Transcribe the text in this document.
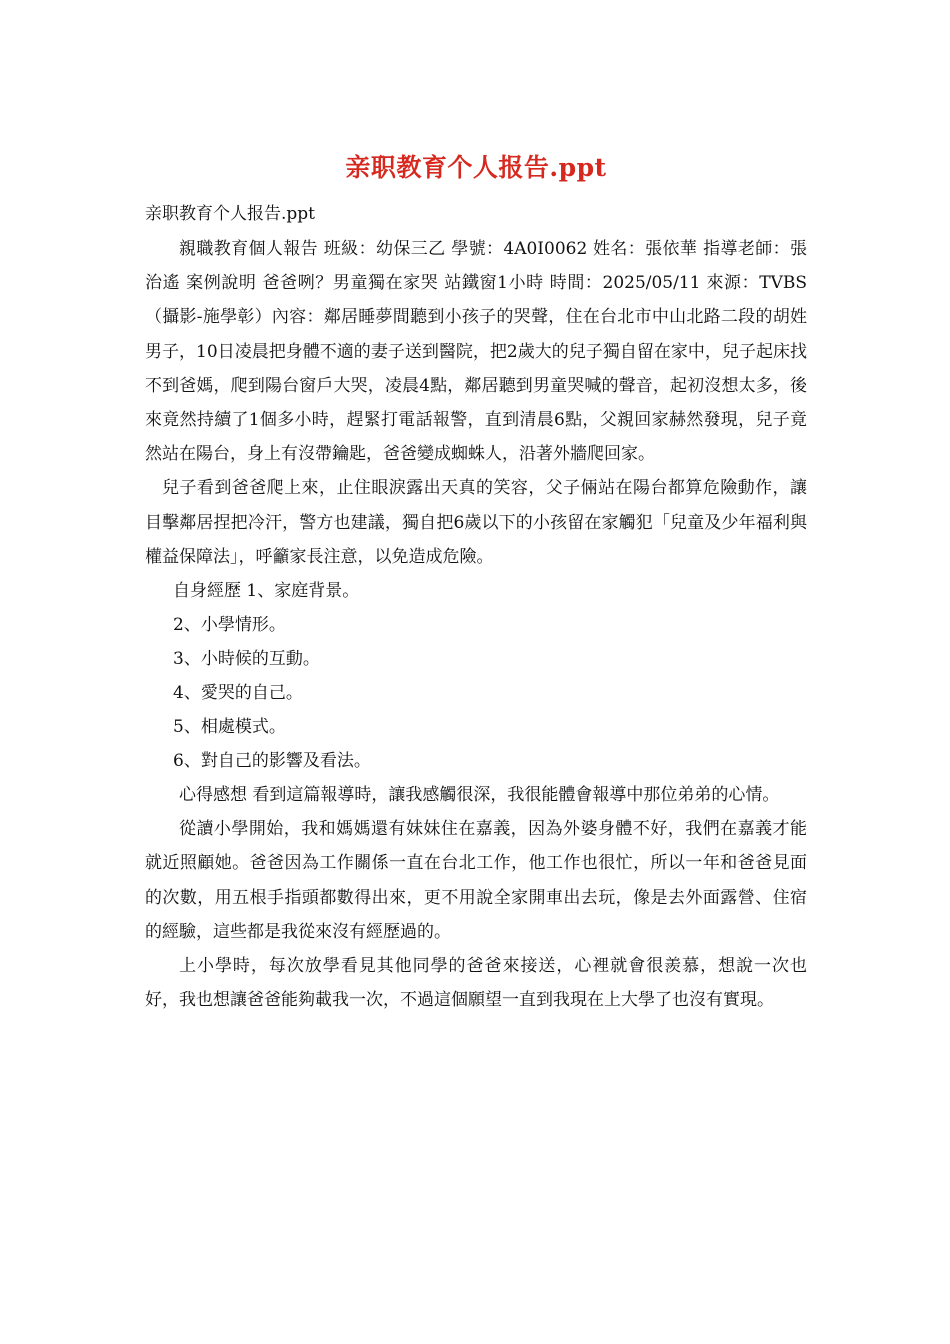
亲职教育个人报告.ppt

亲职教育个人报告.ppt

親職教育個人報告 班級：幼保三乙 學號：4A0I0062 姓名：張依華 指導老師：張治遙 案例說明 爸爸咧？男童獨在家哭 站鐵窗1小時 時間：2025/05/11 來源：TVBS（攝影-施學彰）內容：鄰居睡夢間聽到小孩子的哭聲，住在台北市中山北路二段的胡姓男子，10日凌晨把身體不適的妻子送到醫院，把2歲大的兒子獨自留在家中，兒子起床找不到爸媽，爬到陽台窗戶大哭，凌晨4點，鄰居聽到男童哭喊的聲音，起初沒想太多，後來竟然持續了1個多小時，趕緊打電話報警，直到清晨6點，父親回家赫然發現，兒子竟然站在陽台，身上有沒帶鑰匙，爸爸變成蜘蛛人，沿著外牆爬回家。

兒子看到爸爸爬上來，止住眼淚露出天真的笑容，父子倆站在陽台都算危險動作，讓目擊鄰居捏把冷汗，警方也建議，獨自把6歲以下的小孩留在家觸犯「兒童及少年福利與權益保障法」，呼籲家長注意，以免造成危險。

自身經歷 1、家庭背景。

2、小學情形。

3、小時候的互動。

4、愛哭的自己。

5、相處模式。

6、對自己的影響及看法。

心得感想 看到這篇報導時，讓我感觸很深，我很能體會報導中那位弟弟的心情。

從讀小學開始，我和媽媽還有妹妹住在嘉義，因為外婆身體不好，我們在嘉義才能就近照顧她。爸爸因為工作關係一直在台北工作，他工作也很忙，所以一年和爸爸見面的次數，用五根手指頭都數得出來，更不用說全家開車出去玩，像是去外面露營、住宿的經驗，這些都是我從來沒有經歷過的。

上小學時，每次放學看見其他同學的爸爸來接送，心裡就會很羨慕，想說一次也好，我也想讓爸爸能夠載我一次，不過這個願望一直到我現在上大學了也沒有實現。
